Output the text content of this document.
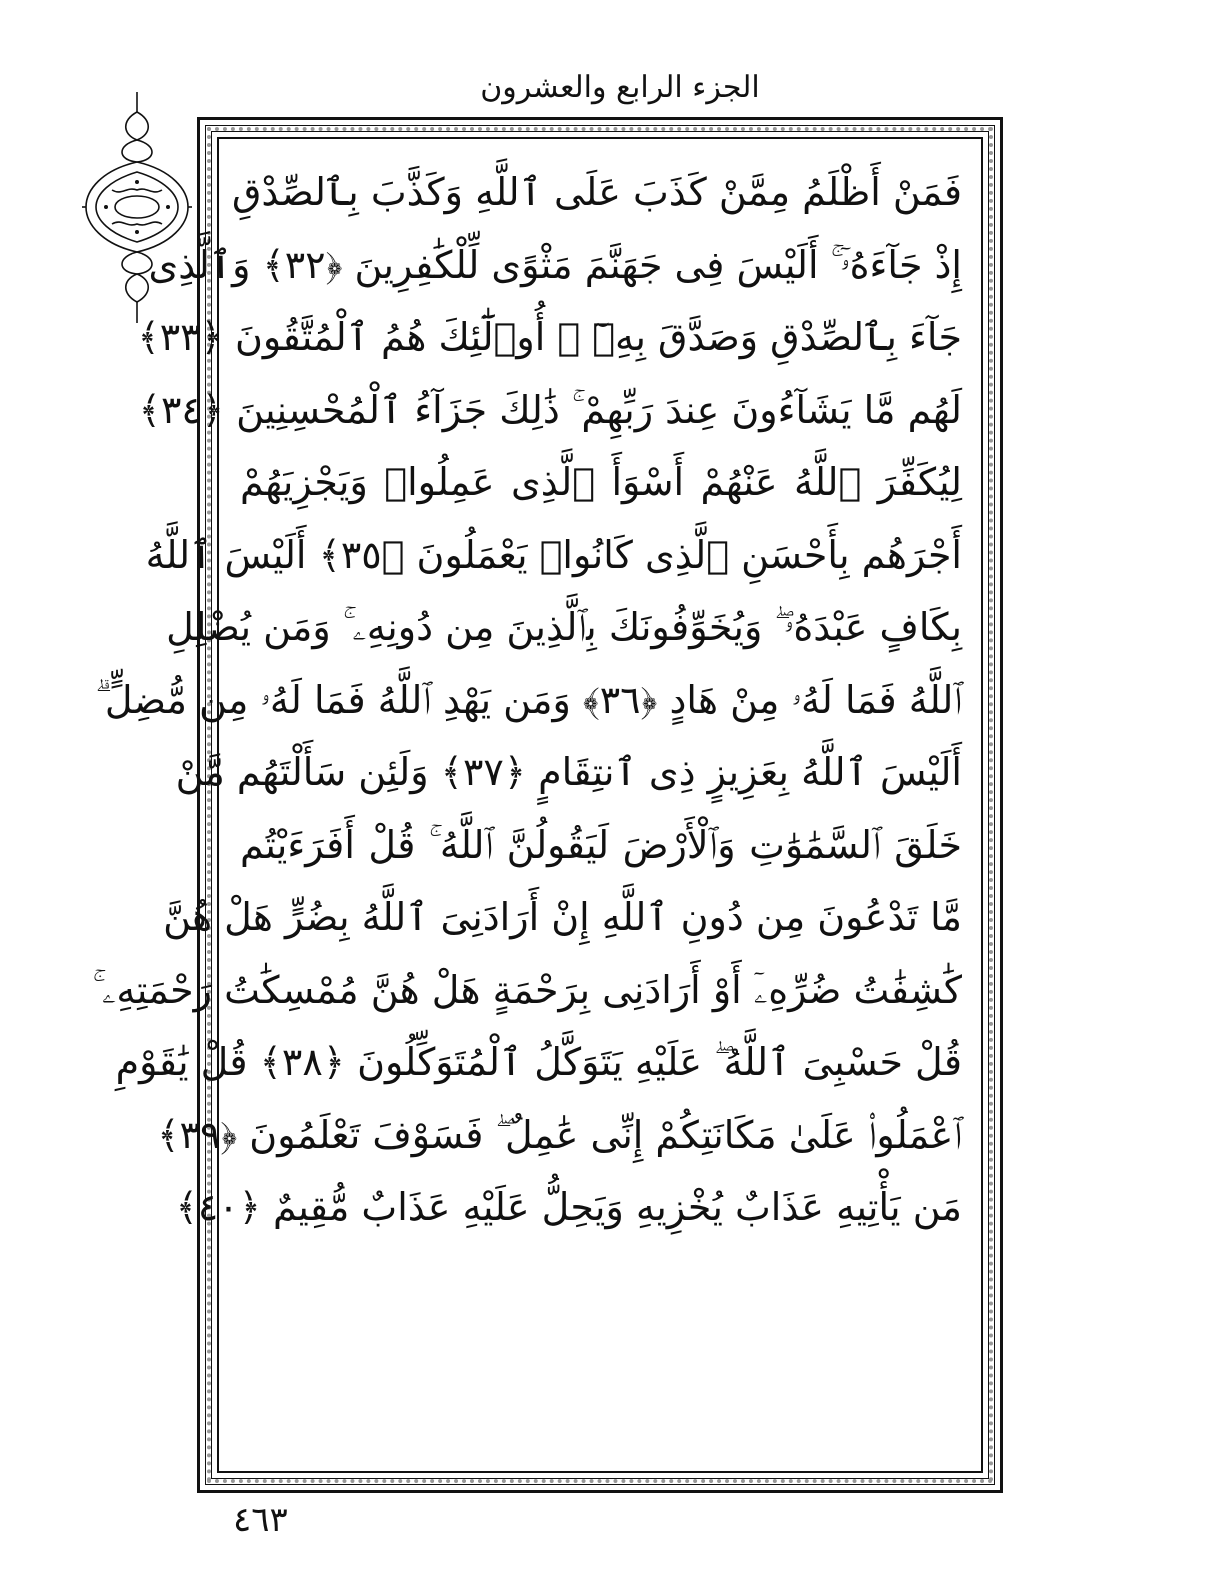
الجزء الرابع والعشرون
فَمَنْ أَظْلَمُ مِمَّنْ كَذَبَ عَلَى ٱللَّهِ وَكَذَّبَ بِٱلصِّدْقِ
إِذْ جَآءَهُۥٓ ۚ أَلَيْسَ فِى جَهَنَّمَ مَثْوًى لِّلْكَٰفِرِينَ ﴿٣٢﴾ وَٱلَّذِى
جَآءَ بِٱلصِّدْقِ وَصَدَّقَ بِهِۦٓ ۙ أُو۟لَٰٓئِكَ هُمُ ٱلْمُتَّقُونَ ﴿٣٣﴾
لَهُم مَّا يَشَآءُونَ عِندَ رَبِّهِمْ ۚ ذَٰلِكَ جَزَآءُ ٱلْمُحْسِنِينَ ﴿٣٤﴾
لِيُكَفِّرَ ٱللَّهُ عَنْهُمْ أَسْوَأَ ٱلَّذِى عَمِلُوا۟ وَيَجْزِيَهُمْ
أَجْرَهُم بِأَحْسَنِ ٱلَّذِى كَانُوا۟ يَعْمَلُونَ ﴿٣٥﴾ أَلَيْسَ ٱللَّهُ
بِكَافٍ عَبْدَهُۥ ۖ وَيُخَوِّفُونَكَ بِٱلَّذِينَ مِن دُونِهِۦ ۚ وَمَن يُضْلِلِ
ٱللَّهُ فَمَا لَهُۥ مِنْ هَادٍ ﴿٣٦﴾ وَمَن يَهْدِ ٱللَّهُ فَمَا لَهُۥ مِن مُّضِلٍّ ۗ
أَلَيْسَ ٱللَّهُ بِعَزِيزٍ ذِى ٱنتِقَامٍ ﴿٣٧﴾ وَلَئِن سَأَلْتَهُم مَّنْ
خَلَقَ ٱلسَّمَٰوَٰتِ وَٱلْأَرْضَ لَيَقُولُنَّ ٱللَّهُ ۚ قُلْ أَفَرَءَيْتُم
مَّا تَدْعُونَ مِن دُونِ ٱللَّهِ إِنْ أَرَادَنِىَ ٱللَّهُ بِضُرٍّ هَلْ هُنَّ
كَٰشِفَٰتُ ضُرِّهِۦٓ أَوْ أَرَادَنِى بِرَحْمَةٍ هَلْ هُنَّ مُمْسِكَٰتُ رَحْمَتِهِۦ ۚ
قُلْ حَسْبِىَ ٱللَّهُ ۖ عَلَيْهِ يَتَوَكَّلُ ٱلْمُتَوَكِّلُونَ ﴿٣٨﴾ قُلْ يَٰقَوْمِ
ٱعْمَلُوا۟ عَلَىٰ مَكَانَتِكُمْ إِنِّى عَٰمِلٌ ۖ فَسَوْفَ تَعْلَمُونَ ﴿٣٩﴾
مَن يَأْتِيهِ عَذَابٌ يُخْزِيهِ وَيَحِلُّ عَلَيْهِ عَذَابٌ مُّقِيمٌ ﴿٤٠﴾
٤٦٣
